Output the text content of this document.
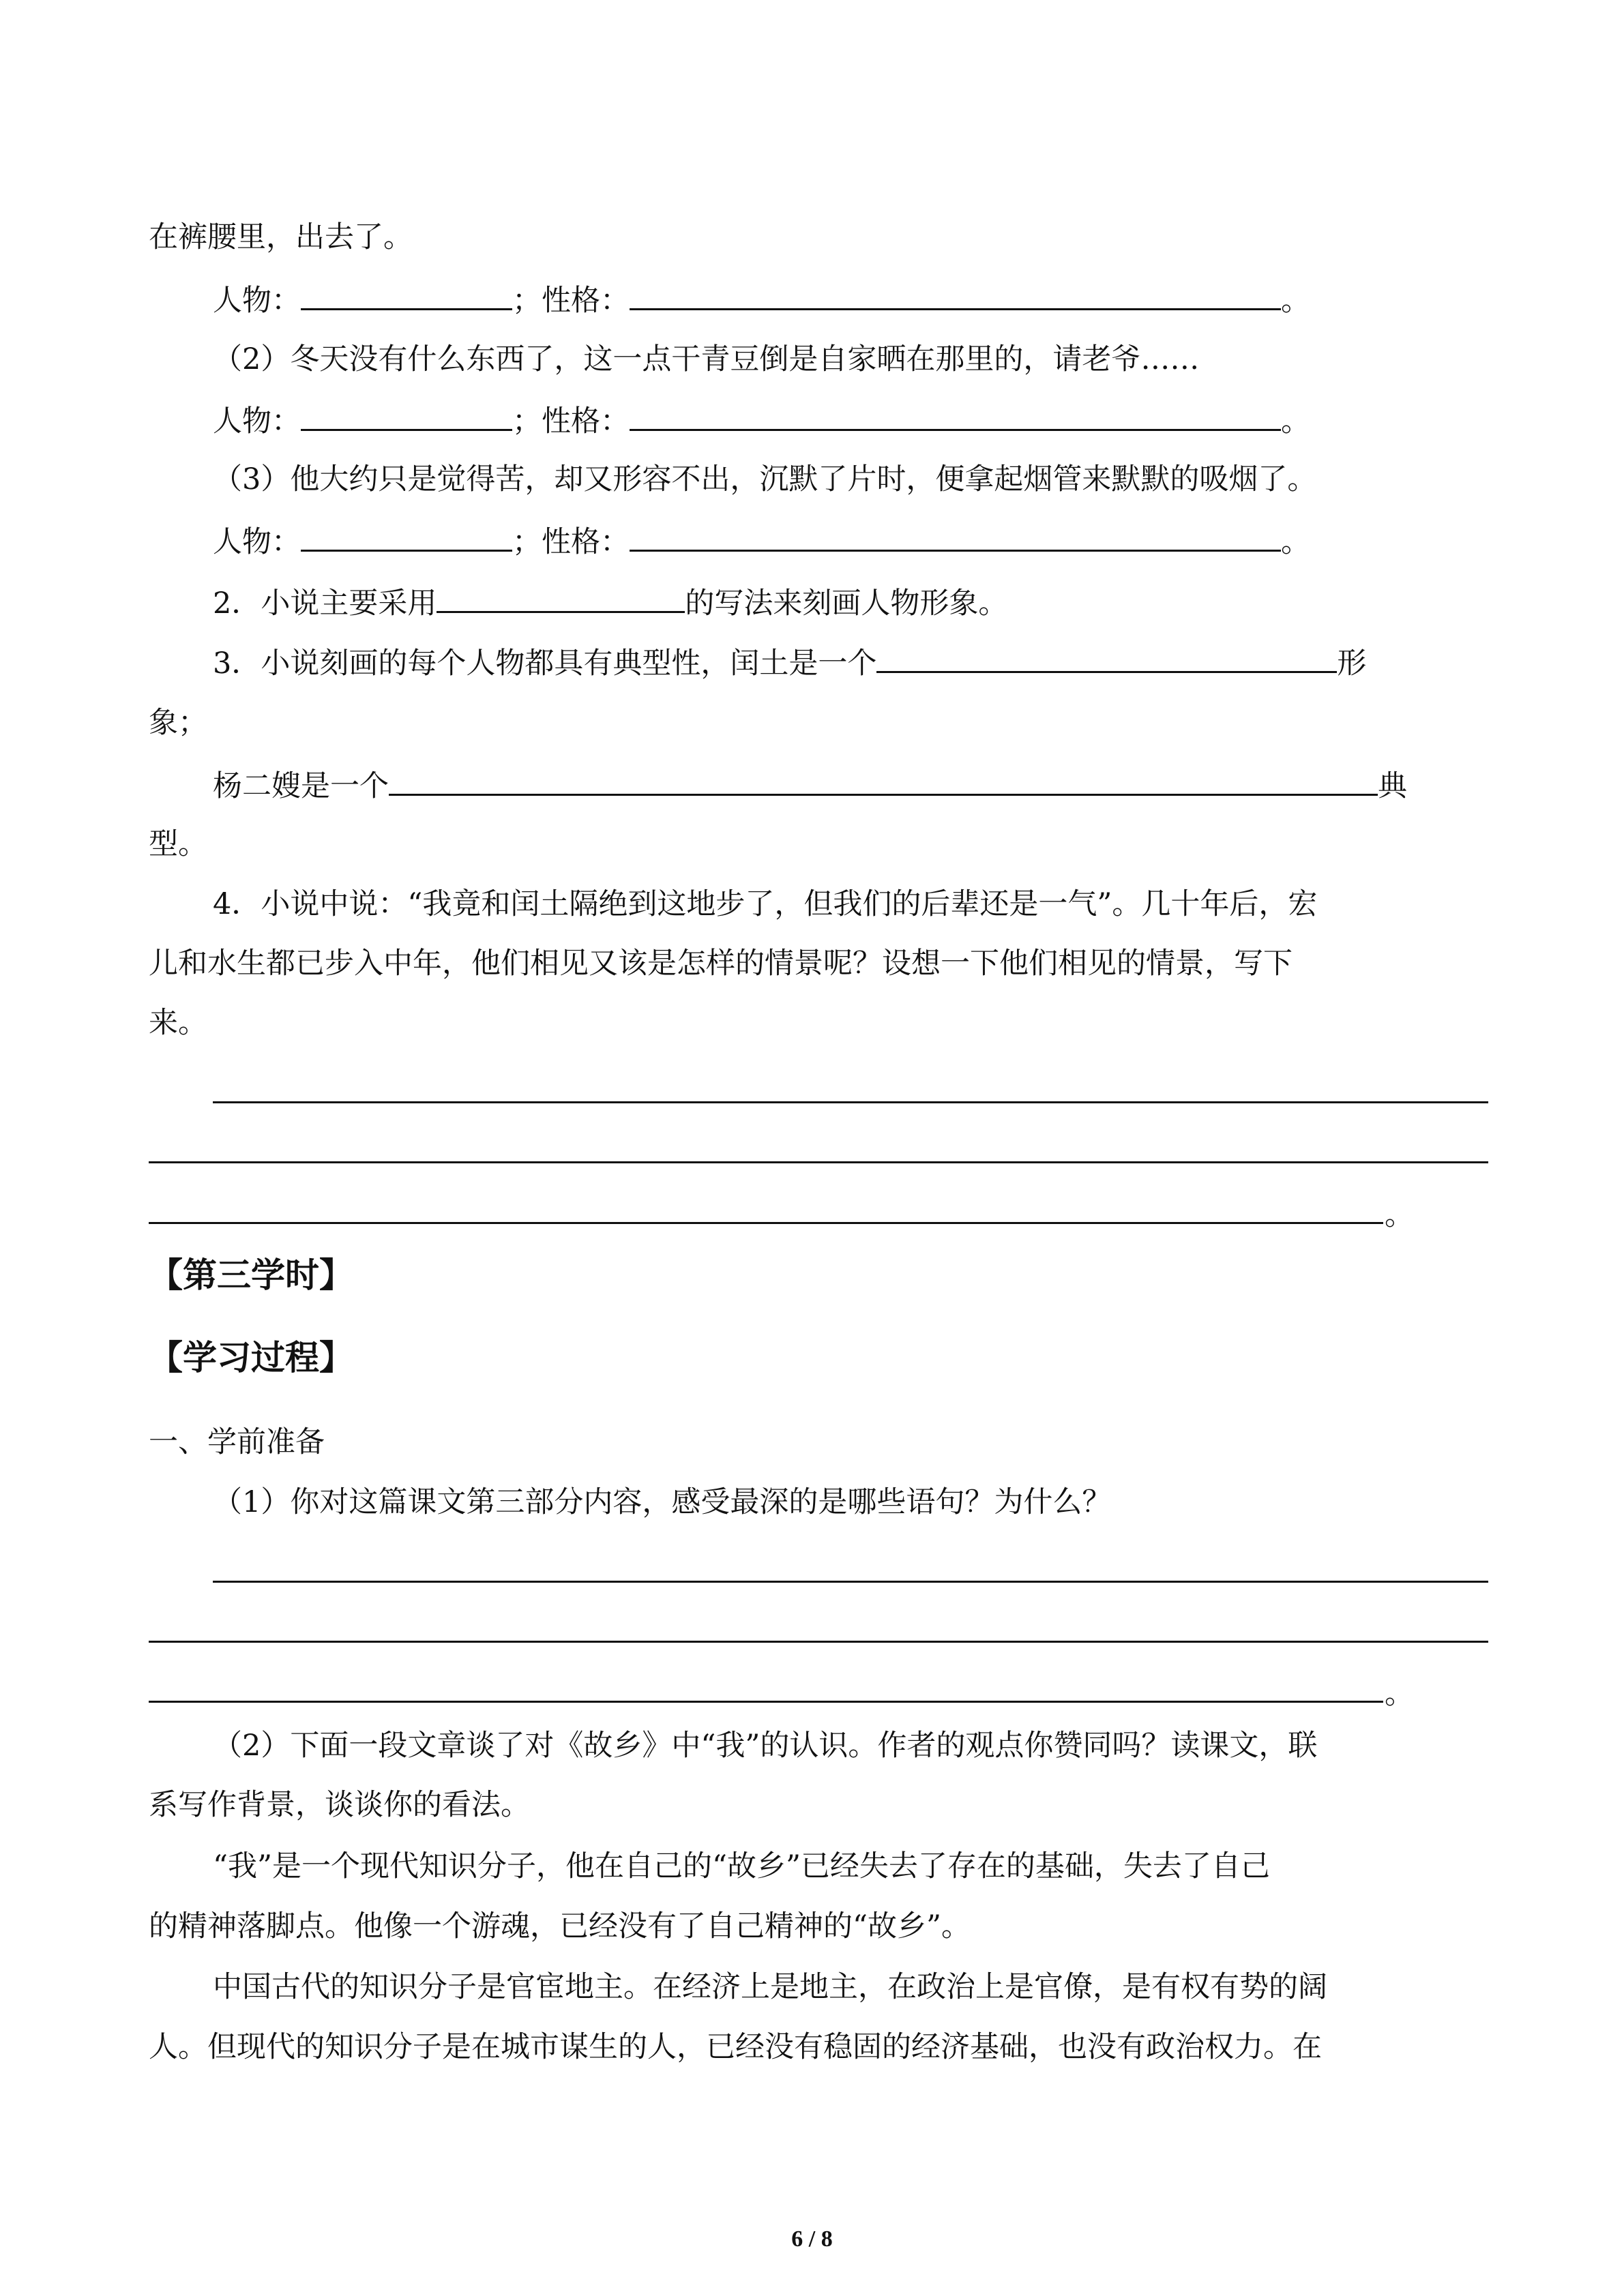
在裤腰里，出去了。
人物：	；性格：	。
（2）冬天没有什么东西了，这一点干青豆倒是自家晒在那里的，请老爷……
人物：	；性格：	。
（3）他大约只是觉得苦，却又形容不出，沉默了片时，便拿起烟管来默默的吸烟了。
人物：	；性格：	。
2．小说主要采用	的写法来刻画人物形象。
3．小说刻画的每个人物都具有典型性，闰土是一个	形
象；
杨二嫂是一个	典
型。
4．小说中说：“我竟和闰土隔绝到这地步了，但我们的后辈还是一气”。几十年后，宏
儿和水生都已步入中年，他们相见又该是怎样的情景呢？设想一下他们相见的情景，写下
来。
。
【第三学时】
【学习过程】
一、学前准备
（1）你对这篇课文第三部分内容，感受最深的是哪些语句？为什么？
。
（2）下面一段文章谈了对《故乡》中“我”的认识。作者的观点你赞同吗？读课文，联
系写作背景，谈谈你的看法。
“我”是一个现代知识分子，他在自己的“故乡”已经失去了存在的基础，失去了自己
的精神落脚点。他像一个游魂，已经没有了自己精神的“故乡”。
中国古代的知识分子是官宦地主。在经济上是地主，在政治上是官僚，是有权有势的阔
人。但现代的知识分子是在城市谋生的人，已经没有稳固的经济基础，也没有政治权力。在
6 / 8
